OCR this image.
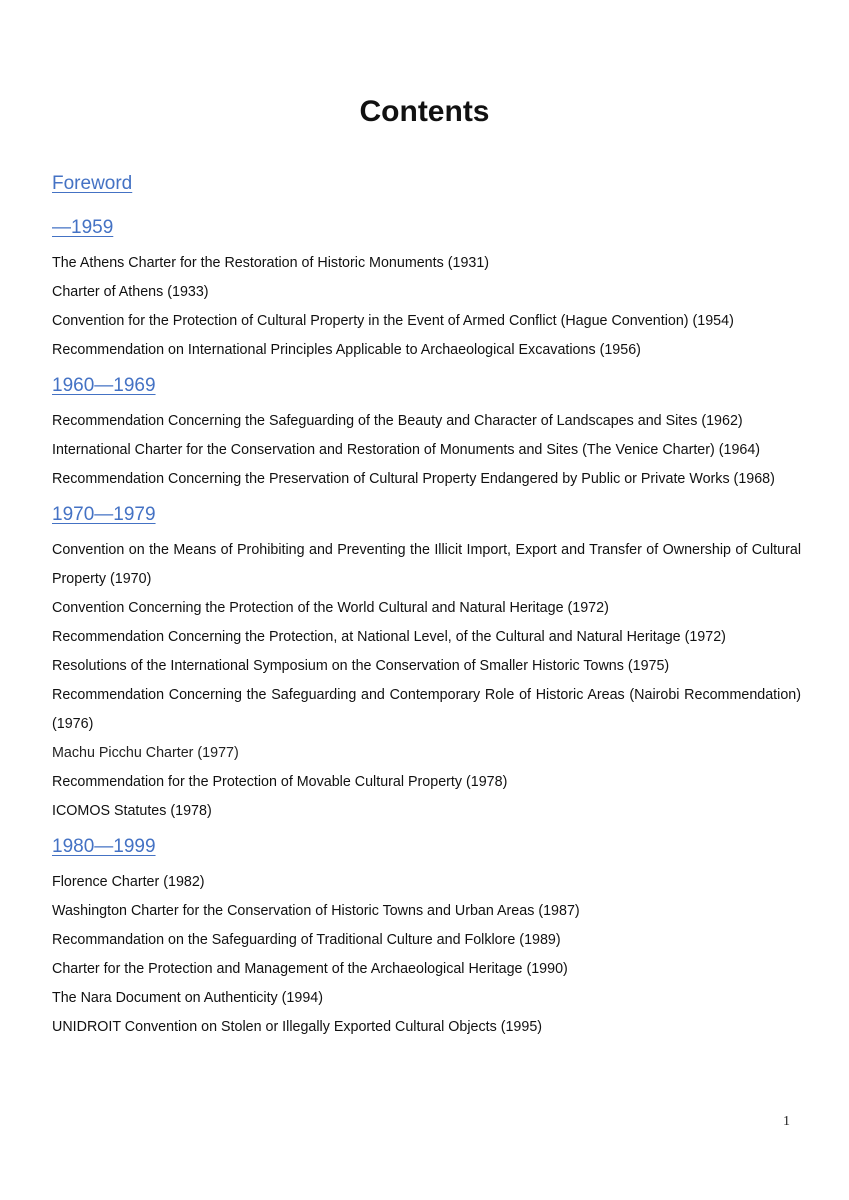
Contents
Foreword
—1959
The Athens Charter for the Restoration of Historic Monuments (1931)
Charter of Athens (1933)
Convention for the Protection of Cultural Property in the Event of Armed Conflict (Hague Convention) (1954)
Recommendation on International Principles Applicable to Archaeological Excavations (1956)
1960—1969
Recommendation Concerning the Safeguarding of the Beauty and Character of Landscapes and Sites (1962)
International Charter for the Conservation and Restoration of Monuments and Sites (The Venice Charter) (1964)
Recommendation Concerning the Preservation of Cultural Property Endangered by Public or Private Works (1968)
1970—1979
Convention on the Means of Prohibiting and Preventing the Illicit Import, Export and Transfer of Ownership of Cultural Property (1970)
Convention Concerning the Protection of the World Cultural and Natural Heritage (1972)
Recommendation Concerning the Protection, at National Level, of the Cultural and Natural Heritage (1972)
Resolutions of the International Symposium on the Conservation of Smaller Historic Towns (1975)
Recommendation Concerning the Safeguarding and Contemporary Role of Historic Areas (Nairobi Recommendation) (1976)
Machu Picchu Charter (1977)
Recommendation for the Protection of Movable Cultural Property (1978)
ICOMOS Statutes (1978)
1980—1999
Florence Charter (1982)
Washington Charter for the Conservation of Historic Towns and Urban Areas (1987)
Recommandation on the Safeguarding of Traditional Culture and Folklore (1989)
Charter for the Protection and Management of the Archaeological Heritage (1990)
The Nara Document on Authenticity (1994)
UNIDROIT Convention on Stolen or Illegally Exported Cultural Objects (1995)
1
